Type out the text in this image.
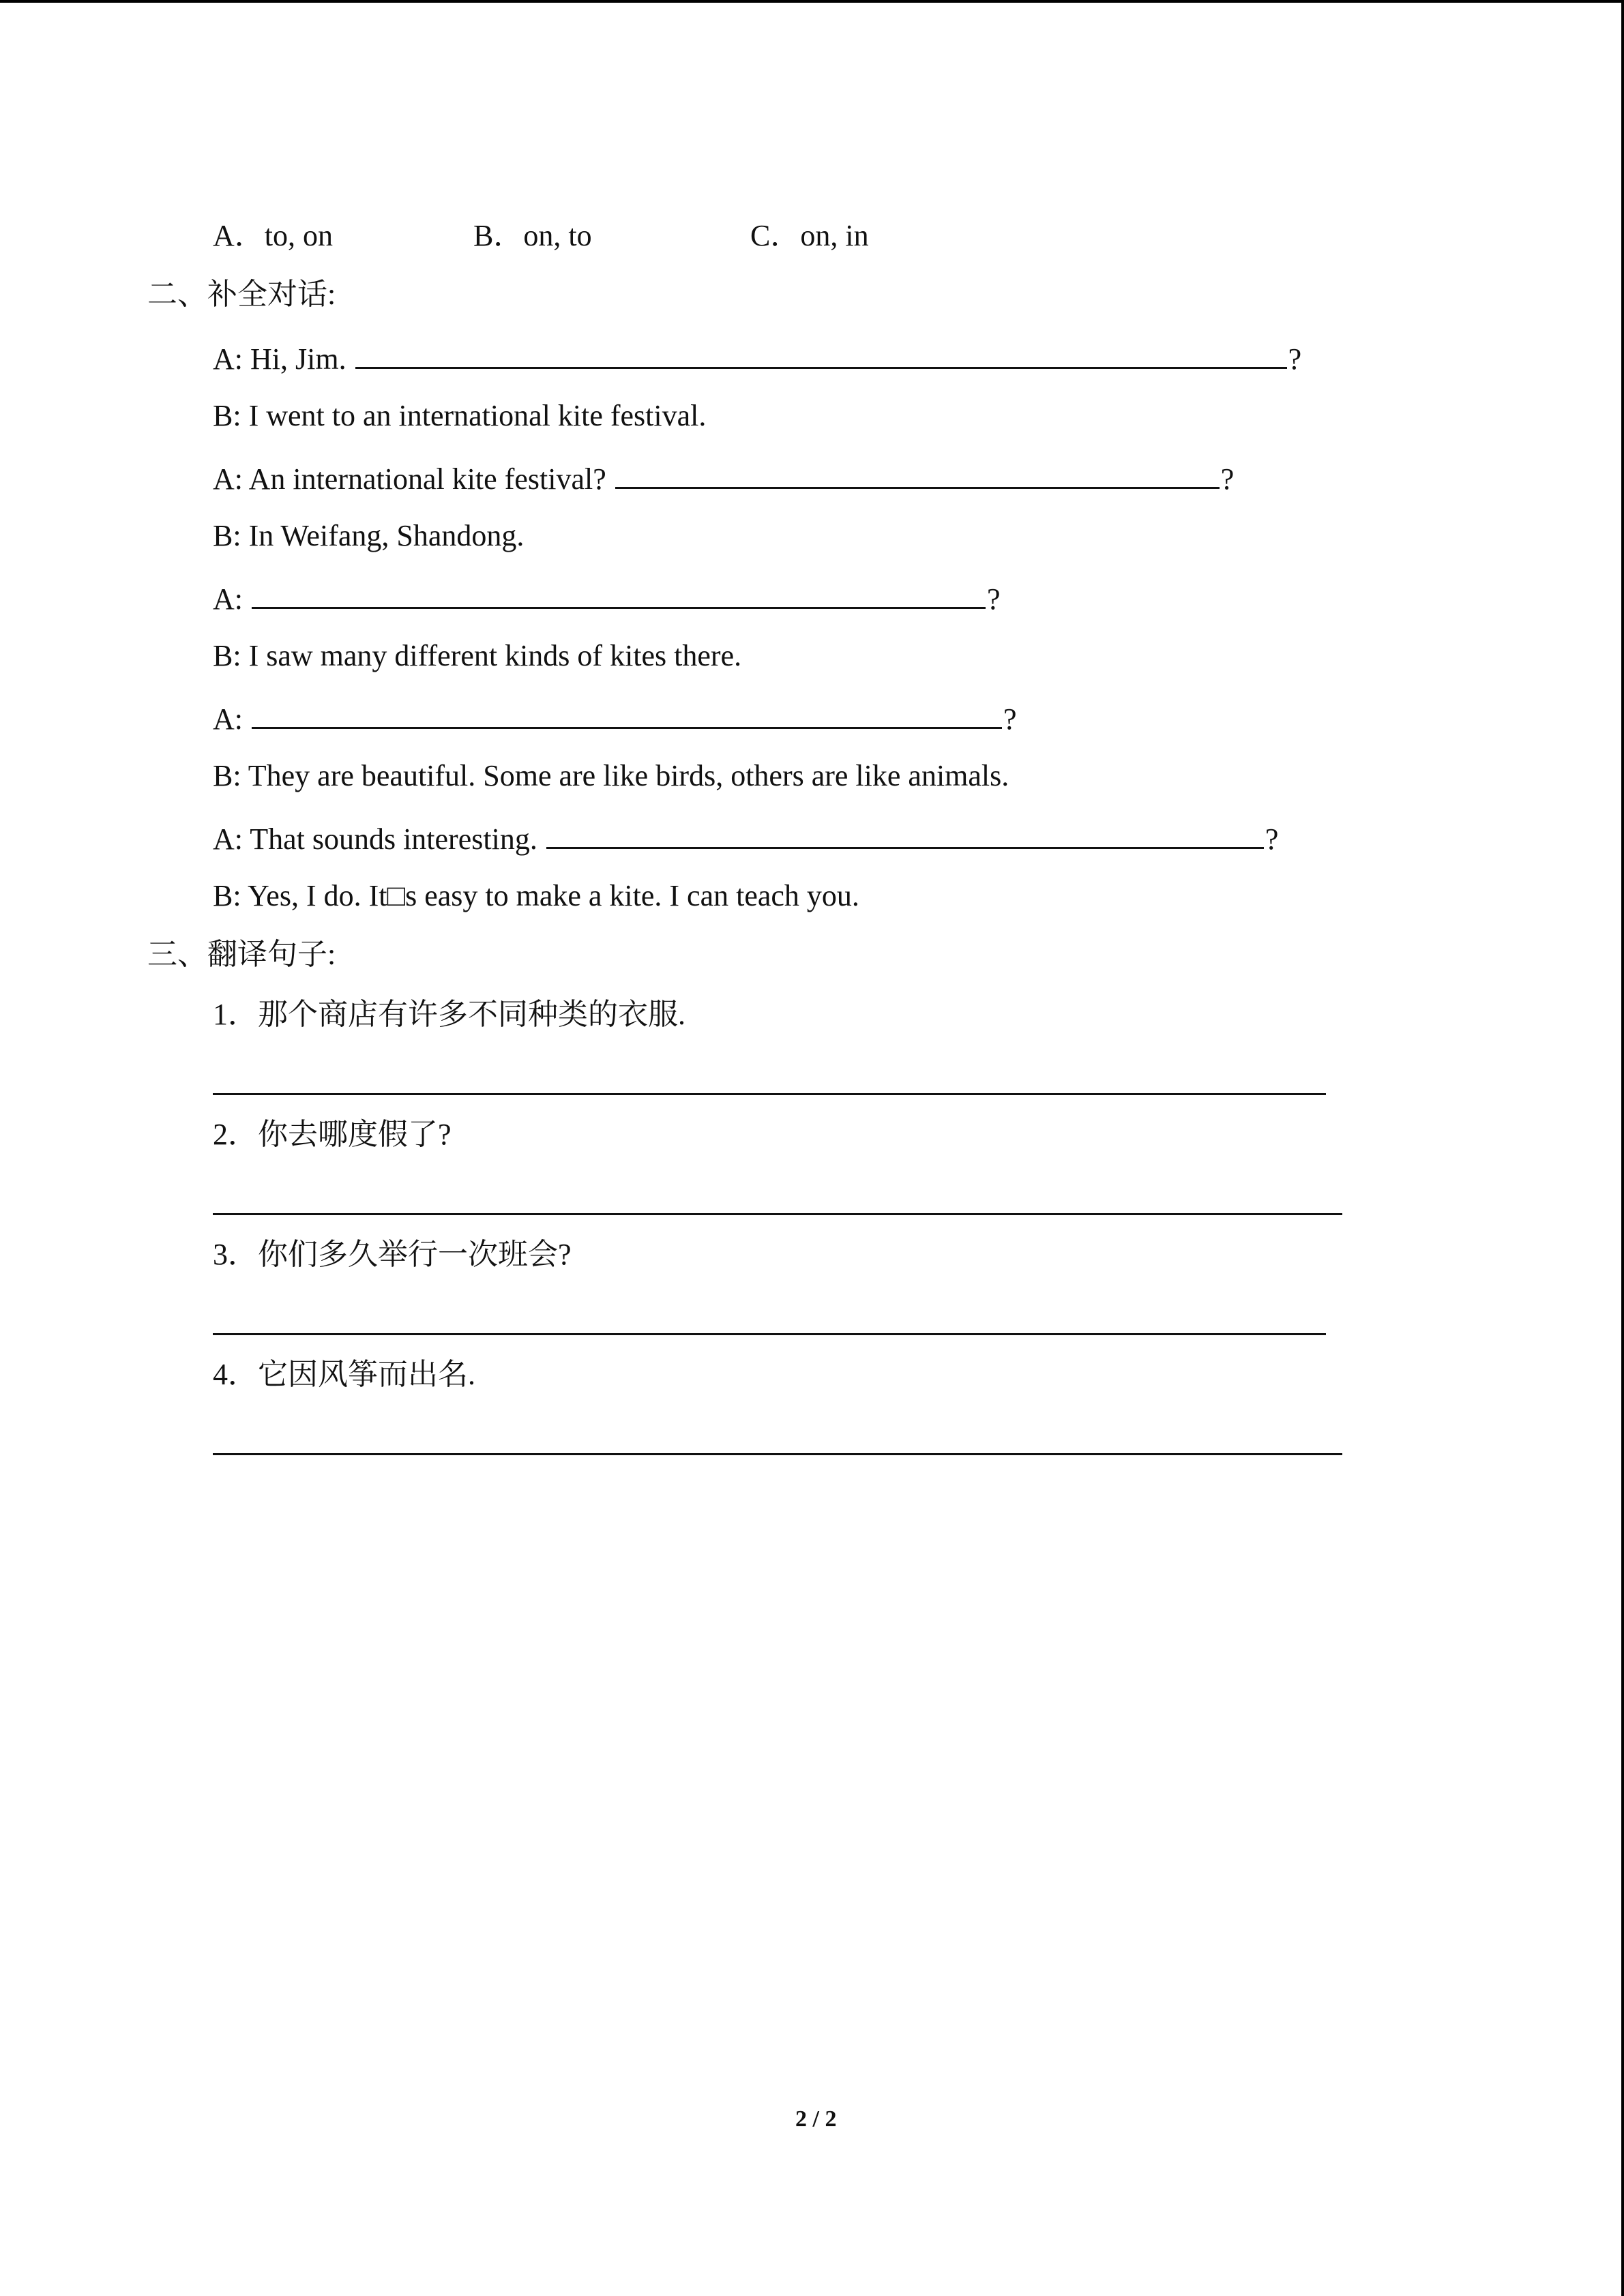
A．to, on	B．on, to	C．on, in
二、补全对话:
A: Hi, Jim.	?
B: I went to an international kite festival.
A: An international kite festival?	?
B: In Weifang, Shandong.
A:	?
B: I saw many different kinds of kites there.
A:	?
B: They are beautiful. Some are like birds, others are like animals.
A: That sounds interesting.	?
B: Yes, I do. It□s easy to make a kite. I can teach you.
三、翻译句子:
1．那个商店有许多不同种类的衣服.
2．你去哪度假了?
3．你们多久举行一次班会?
4．它因风筝而出名.
2 / 2
